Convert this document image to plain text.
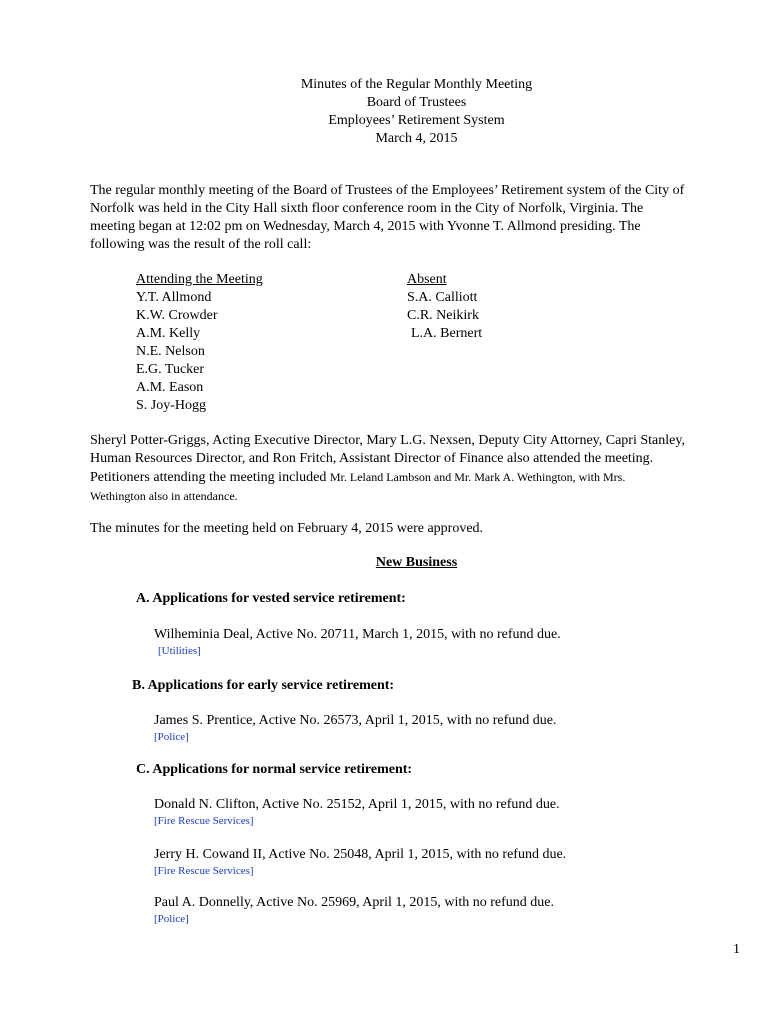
Minutes of the Regular Monthly Meeting
Board of Trustees
Employees’ Retirement System
March 4, 2015
The regular monthly meeting of the Board of Trustees of the Employees’ Retirement system of the City of
Norfolk was held in the City Hall sixth floor conference room in the City of Norfolk, Virginia. The
meeting began at 12:02 pm on Wednesday, March 4, 2015 with Yvonne T. Allmond presiding. The
following was the result of the roll call:
Attending the Meeting
Y.T. Allmond
K.W. Crowder
A.M. Kelly
N.E. Nelson
E.G. Tucker
A.M. Eason
S. Joy-Hogg
Absent
S.A. Calliott
C.R. Neikirk
L.A. Bernert
Sheryl Potter-Griggs, Acting Executive Director, Mary L.G. Nexsen, Deputy City Attorney, Capri Stanley,
Human Resources Director, and Ron Fritch, Assistant Director of Finance also attended the meeting.
Petitioners attending the meeting included Mr. Leland Lambson and Mr. Mark A. Wethington, with Mrs.
Wethington also in attendance.
The minutes for the meeting held on February 4, 2015 were approved.
New Business
A. Applications for vested service retirement:
Wilheminia Deal, Active No. 20711, March 1, 2015, with no refund due.
[Utilities]
B. Applications for early service retirement:
James S. Prentice, Active No. 26573, April 1, 2015, with no refund due.
[Police]
C. Applications for normal service retirement:
Donald N. Clifton, Active No. 25152, April 1, 2015, with no refund due.
[Fire Rescue Services]
Jerry H. Cowand II, Active No. 25048, April 1, 2015, with no refund due.
[Fire Rescue Services]
Paul A. Donnelly, Active No. 25969, April 1, 2015, with no refund due.
[Police]
1
